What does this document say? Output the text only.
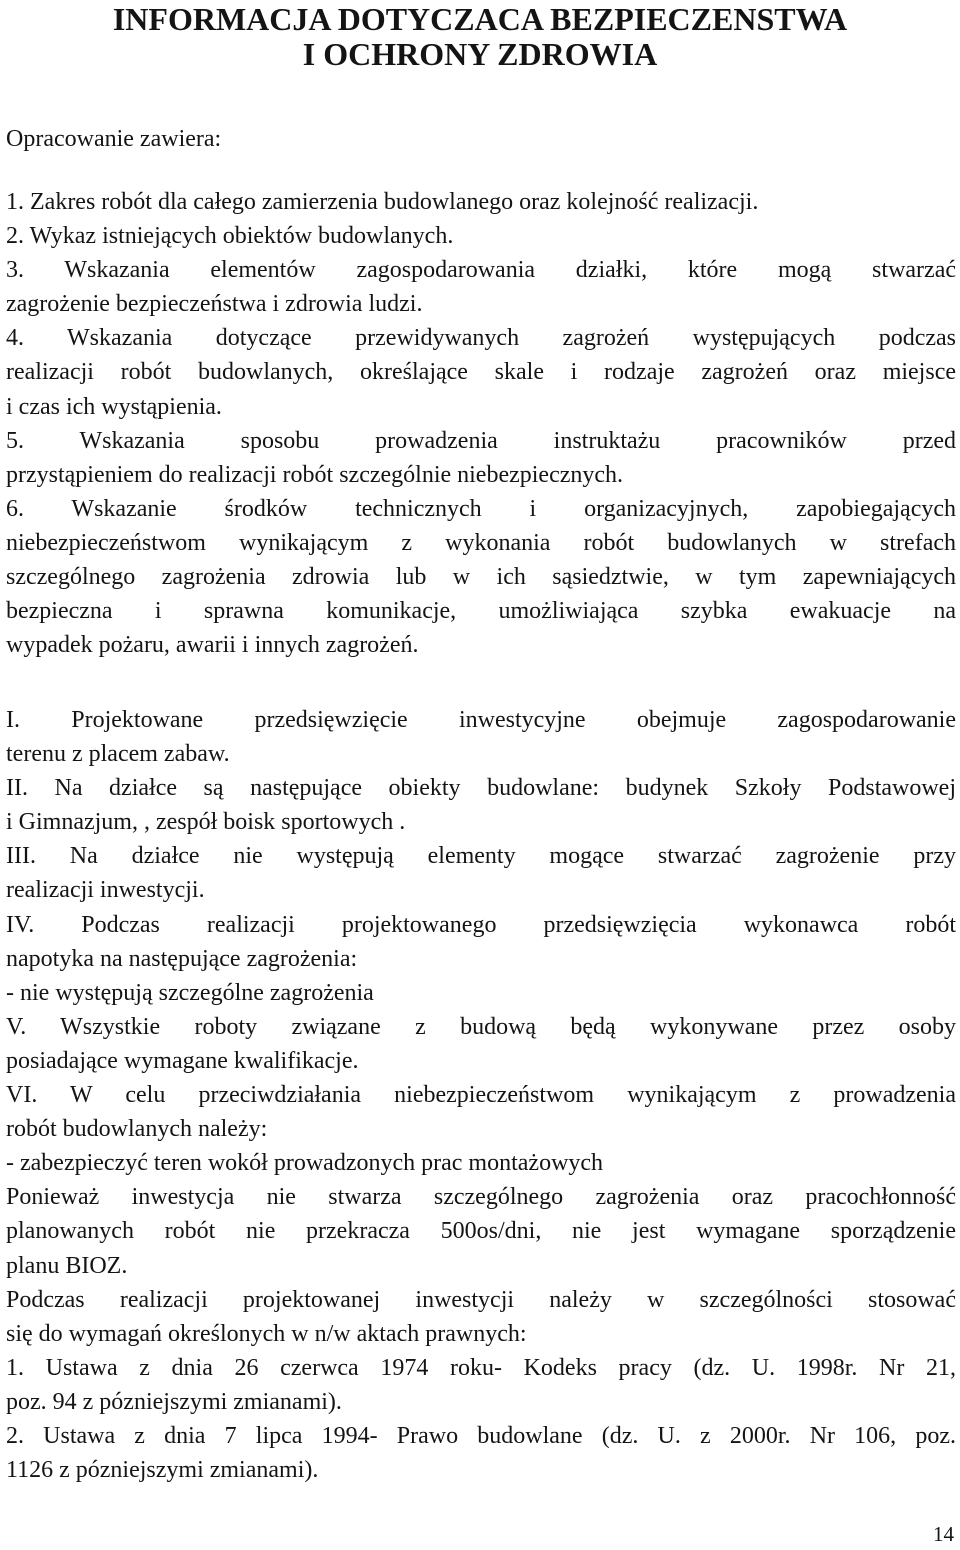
INFORMACJA DOTYCZACA BEZPIECZENSTWA
I OCHRONY ZDROWIA

Opracowanie zawiera:

1. Zakres robót dla całego zamierzenia budowlanego oraz kolejność realizacji.
2. Wykaz istniejących obiektów budowlanych.
3. Wskazania elementów zagospodarowania działki, które mogą stwarzać
zagrożenie bezpieczeństwa i zdrowia ludzi.
4. Wskazania dotyczące przewidywanych zagrożeń występujących podczas
realizacji robót budowlanych, określające skale i rodzaje zagrożeń oraz miejsce
i czas ich wystąpienia.
5. Wskazania sposobu prowadzenia instruktażu pracowników przed
przystąpieniem do realizacji robót szczególnie niebezpiecznych.
6. Wskazanie środków technicznych i organizacyjnych, zapobiegających
niebezpieczeństwom wynikającym z wykonania robót budowlanych w strefach
szczególnego zagrożenia zdrowia lub w ich sąsiedztwie, w tym zapewniających
bezpieczna i sprawna komunikacje, umożliwiająca szybka ewakuacje na
wypadek pożaru, awarii i innych zagrożeń.
I. Projektowane przedsięwzięcie inwestycyjne obejmuje zagospodarowanie
terenu z placem zabaw.
II. Na działce są następujące obiekty budowlane: budynek Szkoły Podstawowej
i Gimnazjum, , zespół boisk sportowych .
III. Na działce nie występują elementy mogące stwarzać zagrożenie przy
realizacji inwestycji.
IV. Podczas realizacji projektowanego przedsięwzięcia wykonawca robót
napotyka na następujące zagrożenia:
- nie występują szczególne zagrożenia
V. Wszystkie roboty związane z budową będą wykonywane przez osoby
posiadające wymagane kwalifikacje.
VI. W celu przeciwdziałania niebezpieczeństwom wynikającym z prowadzenia
robót budowlanych należy:
- zabezpieczyć teren wokół prowadzonych prac montażowych
Ponieważ inwestycja nie stwarza szczególnego zagrożenia oraz pracochłonność
planowanych robót nie przekracza 500os/dni, nie jest wymagane sporządzenie
planu BIOZ.
Podczas realizacji projektowanej inwestycji należy w szczególności stosować
się do wymagań określonych w n/w aktach prawnych:
1. Ustawa z dnia 26 czerwca 1974 roku- Kodeks pracy (dz. U. 1998r. Nr 21,
poz. 94 z pózniejszymi zmianami).
2. Ustawa z dnia 7 lipca 1994- Prawo budowlane (dz. U. z 2000r. Nr 106, poz.
1126 z pózniejszymi zmianami).
14
